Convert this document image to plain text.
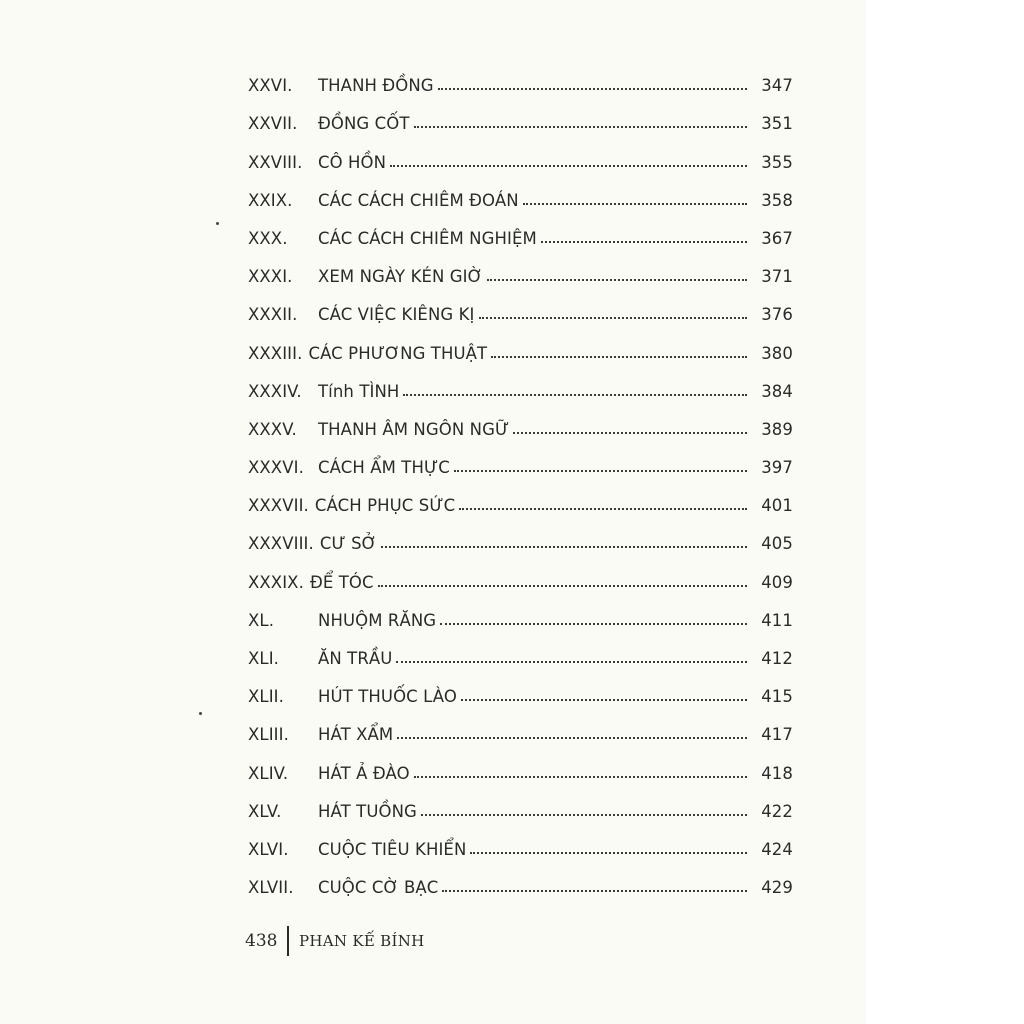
XXVI.	THANH ĐỒNG	347
XXVII.	ĐỒNG CỐT	351
XXVIII. CÔ HỒN	355
XXIX.	CÁC CÁCH CHIÊM ĐOÁN	358
XXX.	CÁC CÁCH CHIÊM NGHIỆM	367
XXXI.	XEM NGÀY KÉN GIỜ	371
XXXII.	CÁC VIỆC KIÊNG KỊ	376
XXXIII. CÁC PHƯƠNG THUẬT	380
XXXIV. Tính TÌNH	384
XXXV.	THANH ÂM NGÔN NGỮ	389
XXXVI. CÁCH ẨM THỰC	397
XXXVII. CÁCH PHỤC SỨC	401
XXXVIII. CƯ SỞ	405
XXXIX. ĐỂ TÓC	409
XL.	NHUỘM RĂNG	411
XLI.	ĂN TRẦU	412
XLII.	HÚT THUỐC LÀO	415
XLIII.	HÁT XẨM	417
XLIV.	HÁT Ả ĐÀO	418
XLV.	HÁT TUỒNG	422
XLVI.	CUỘC TIÊU KHIỂN	424
XLVII.	CUỘC CỜ BẠC	429
438 PHAN KẾ BÍNH
